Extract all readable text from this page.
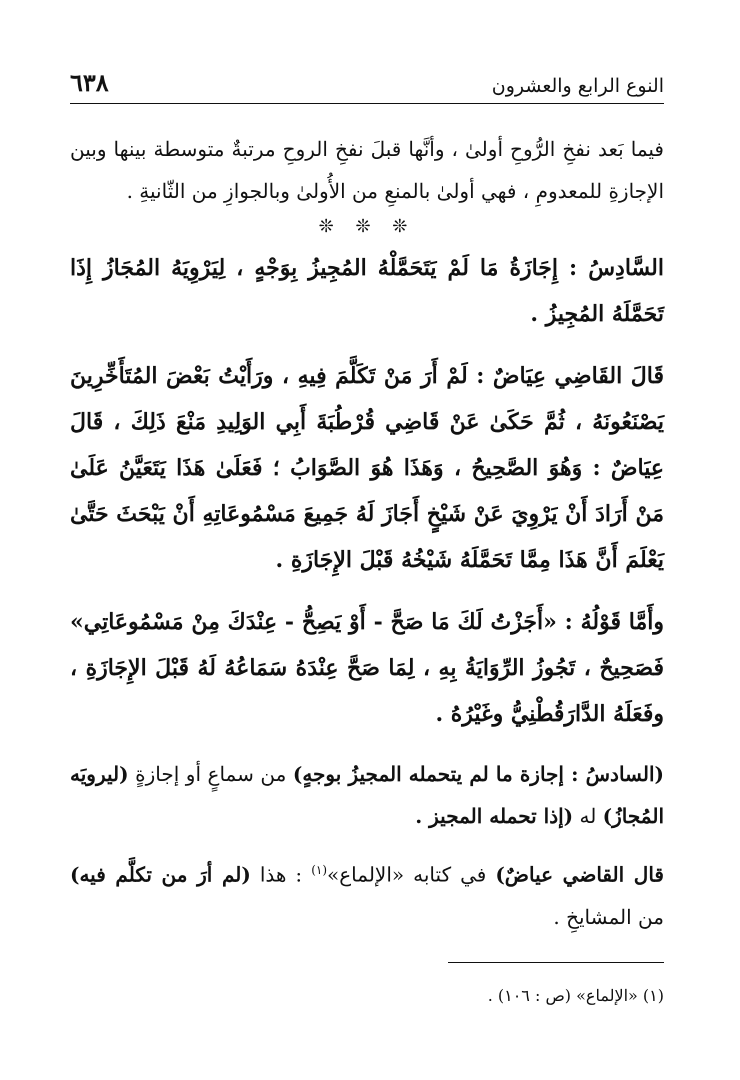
النوع الرابع والعشرون
٦٣٨

فيما بَعد نفخِ الرُّوحِ أولىٰ ، وأنَّها قبلَ نفخِ الروحِ مرتبةٌ متوسطة بينها وبين الإجازةِ للمعدومِ ، فهي أولىٰ بالمنعِ من الأُولىٰ وبالجوازِ من الثّانيةِ .

❊ ❊ ❊

السَّادِسُ : إِجَازَةُ مَا لَمْ يَتَحَمَّلْهُ المُجِيزُ بِوَجْهٍ ، لِيَرْوِيَهُ المُجَازُ إِذَا تَحَمَّلَهُ المُجِيزُ .

قَالَ القَاضِي عِيَاضٌ : لَمْ أَرَ مَنْ تَكَلَّمَ فِيهِ ، ورَأَيْتُ بَعْضَ المُتَأَخِّرِينَ يَصْنَعُونَهُ ، ثُمَّ حَكَىٰ عَنْ قَاضِي قُرْطُبَةَ أَبِي الوَلِيدِ مَنْعَ ذَلِكَ ، قَالَ عِيَاضٌ : وَهُوَ الصَّحِيحُ ، وَهَذَا هُوَ الصَّوَابُ ؛ فَعَلَىٰ هَذَا يَتَعَيَّنُ عَلَىٰ مَنْ أَرَادَ أَنْ يَرْوِيَ عَنْ شَيْخٍ أَجَازَ لَهُ جَمِيعَ مَسْمُوعَاتِهِ أَنْ يَبْحَثَ حَتَّىٰ يَعْلَمَ أَنَّ هَذَا مِمَّا تَحَمَّلَهُ شَيْخُهُ قَبْلَ الإِجَازَةِ .

وأَمَّا قَوْلُهُ : «أَجَزْتُ لَكَ مَا صَحَّ - أَوْ يَصِحُّ - عِنْدَكَ مِنْ مَسْمُوعَاتِي» فَصَحِيحٌ ، تَجُوزُ الرِّوَايَةُ بِهِ ، لِمَا صَحَّ عِنْدَهُ سَمَاعُهُ لَهُ قَبْلَ الإِجَازَةِ ، وفَعَلَهُ الدَّارَقُطْنِيُّ وغَيْرُهُ .

(السادسُ : إجازة ما لم يتحمله المجيزُ بوجهٍ) من سماعٍ أو إجازةٍ (ليرويَه المُجازُ) له (إذا تحمله المجيز .

قال القاضي عياضٌ) في كتابه «الإلماع»$^{(١)}$ : هذا (لم أرَ من تكلَّم فيه) من المشايخِ .

(١) «الإلماع» (ص : ١٠٦) .
